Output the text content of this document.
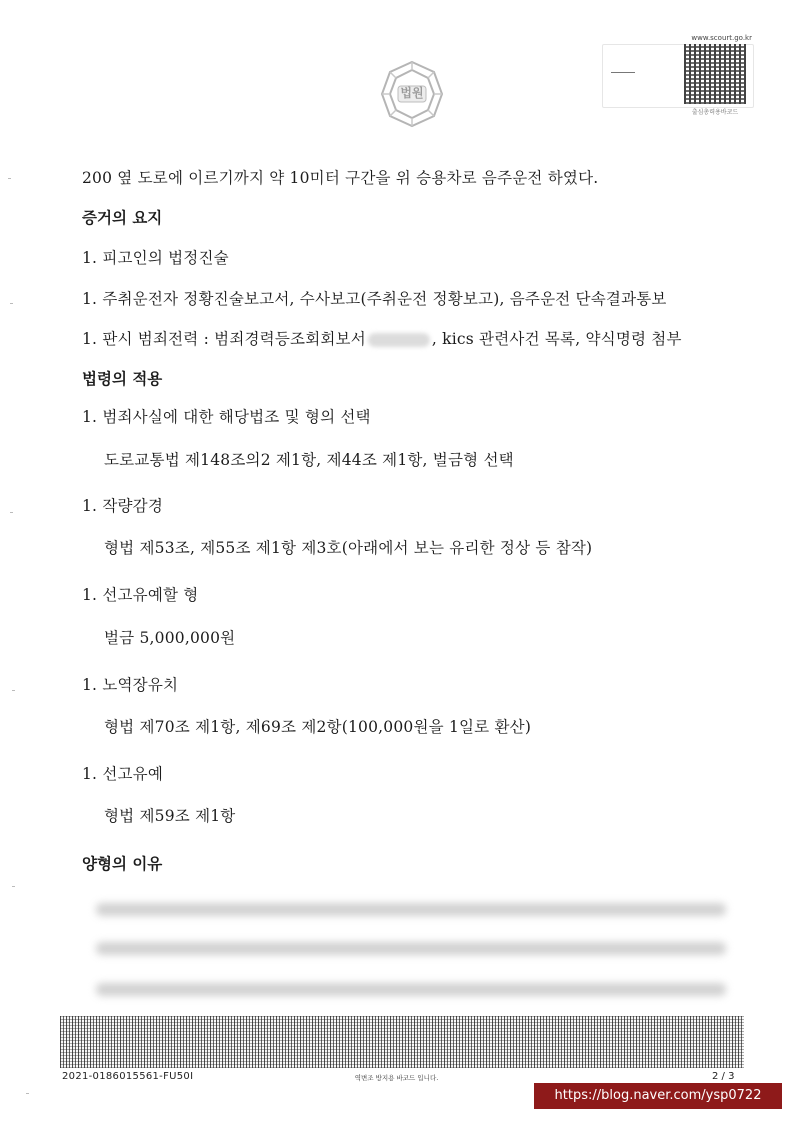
법원
www.scourt.go.kr
출심총력용바코드
200 옆 도로에 이르기까지 약 10미터 구간을 위 승용차로 음주운전 하였다.
증거의 요지
1. 피고인의 법정진술
1. 주취운전자 정황진술보고서, 수사보고(주취운전 정황보고), 음주운전 단속결과통보
1. 판시 범죄전력 : 범죄경력등조회회보서	, kics 관련사건 목록, 약식명령 첨부
법령의 적용
1. 범죄사실에 대한 해당법조 및 형의 선택
도로교통법 제148조의2 제1항, 제44조 제1항, 벌금형 선택
1. 작량감경
형법 제53조, 제55조 제1항 제3호(아래에서 보는 유리한 정상 등 참작)
1. 선고유예할 형
벌금 5,000,000원
1. 노역장유치
형법 제70조 제1항, 제69조 제2항(100,000원을 1일로 환산)
1. 선고유예
형법 제59조 제1항
양형의 이유
2021-0186015561-FU50I	역변조 방지용 바코드 입니다.	2 / 3
https://blog.naver.com/ysp0722
